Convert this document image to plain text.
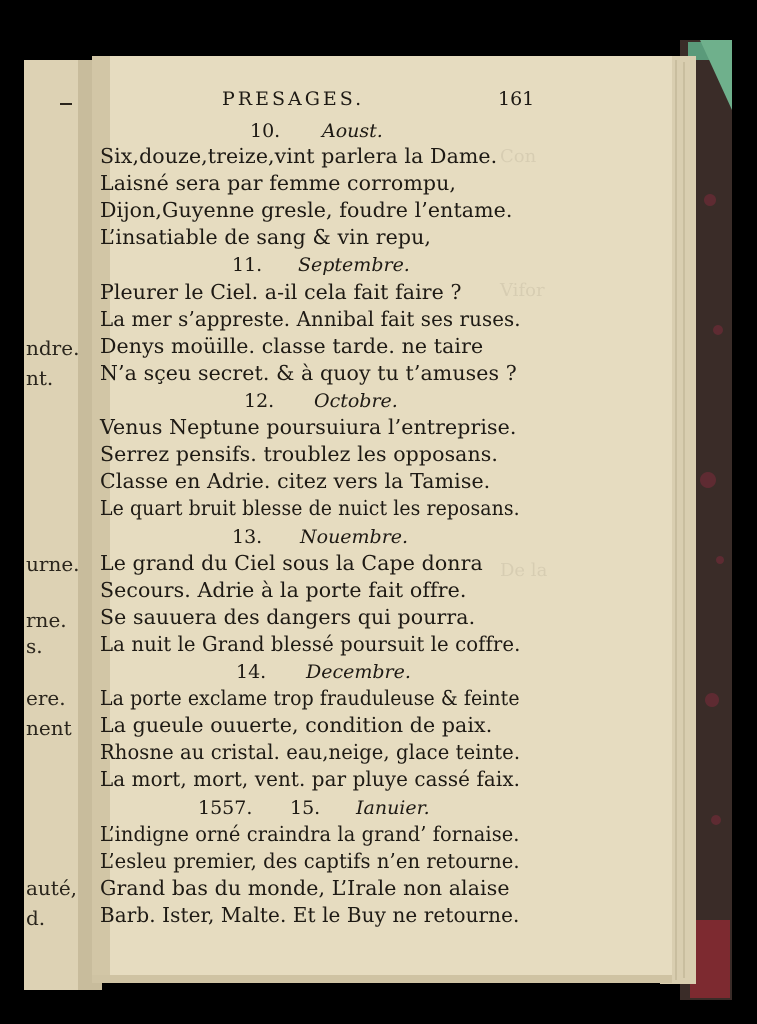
ndre.
nt.
urne.
rne.
s.
ere.
nent
auté,
d.
Con
Vifor
De la
PRESAGES.	161
10. Aoust.
Six,douze,treize,vint parlera la Dame.
Laisné sera par femme corrompu,
Dijon,Guyenne gresle, foudre l’entame.
L’insatiable de sang & vin repu,
11. Septembre.
Pleurer le Ciel. a-il cela fait faire ?
La mer s’appreste. Annibal fait ses ruses.
Denys moüille. classe tarde. ne taire
N’a sçeu secret. & à quoy tu t’amuses ?
12. Octobre.
Venus Neptune poursuiura l’entreprise.
Serrez pensifs. troublez les opposans.
Classe en Adrie. citez vers la Tamise.
Le quart bruit blesse de nuict les reposans.
13. Nouembre.
Le grand du Ciel sous la Cape donra
Secours. Adrie à la porte fait offre.
Se sauuera des dangers qui pourra.
La nuit le Grand blessé poursuit le coffre.
14. Decembre.
La porte exclame trop frauduleuse & feinte
La gueule ouuerte, condition de paix.
Rhosne au cristal. eau,neige, glace teinte.
La mort, mort, vent. par pluye cassé faix.
1557. 15. Ianuier.
L’indigne orné craindra la grand’ fornaise.
L’esleu premier, des captifs n’en retourne.
Grand bas du monde, L’Irale non alaise
Barb. Ister, Malte. Et le Buy ne retourne.
